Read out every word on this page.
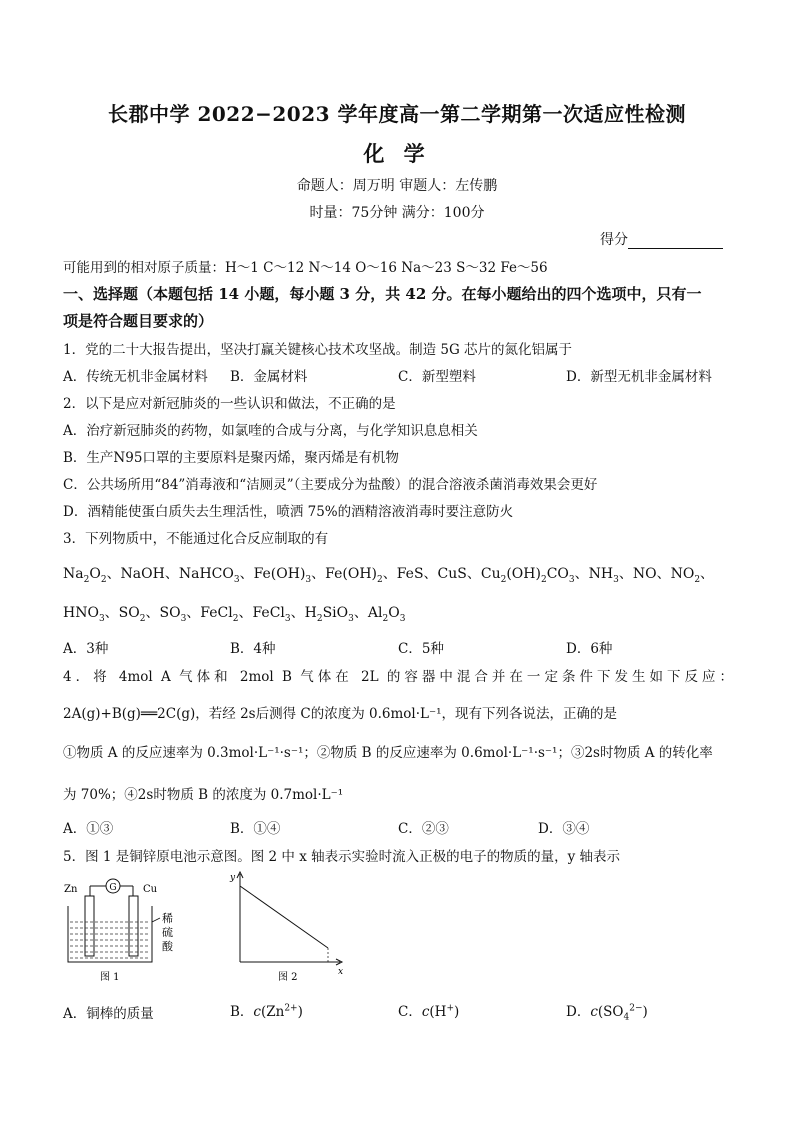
长郡中学 2022−2023 学年度高一第二学期第一次适应性检测
化 学
命题人：周万明 审题人：左传鹏
时量：75分钟 满分：100分
得分
可能用到的相对原子质量：H～1 C～12 N～14 O～16 Na～23 S～32 Fe～56
一、选择题（本题包括 14 小题，每小题 3 分，共 42 分。在每小题给出的四个选项中，只有一
项是符合题目要求的）
1．党的二十大报告提出，坚决打赢关键核心技术攻坚战。制造 5G 芯片的氮化铝属于
A．传统无机非金属材料 B．金属材料	C．新型塑料	D．新型无机非金属材料
2．以下是应对新冠肺炎的一些认识和做法，不正确的是
A．治疗新冠肺炎的药物，如氯喹的合成与分离，与化学知识息息相关
B．生产N95口罩的主要原料是聚丙烯，聚丙烯是有机物
C．公共场所用“84”消毒液和“洁厕灵”（主要成分为盐酸）的混合溶液杀菌消毒效果会更好
D．酒精能使蛋白质失去生理活性，喷洒 75%的酒精溶液消毒时要注意防火
3．下列物质中，不能通过化合反应制取的有
$Na_2O_2$、NaOH、NaHCO$_3$、$Fe(OH)_3$、$Fe(OH)_2$、FeS、CuS、$Cu_2(OH)_2CO_3$、$NH_3$、NO、$NO_2$、
$HNO_3$、$SO_2$、$SO_3$、FeCl$_2$、FeCl$_3$、$H_2SiO_3$、$Al_2O_3$
A．3种	B．4种	C．5种	D．6种
4．将 4mol A 气体和 2mol B 气体在 2L 的容器中混合并在一定条件下发生如下反应：
2A(g)+B(g)══2C(g)，若经 2s后测得 C的浓度为 0.6mol·L⁻¹，现有下列各说法，正确的是
①物质 A 的反应速率为 0.3mol·L⁻¹·s⁻¹；②物质 B 的反应速率为 0.6mol·L⁻¹·s⁻¹；③2s时物质 A 的转化率
为 70%；④2s时物质 B 的浓度为 0.7mol·L⁻¹
A．①③	B．①④	C．②③	D．③④
5．图 1 是铜锌原电池示意图。图 2 中 x 轴表示实验时流入正极的电子的物质的量，y 轴表示
G
Zn	Cu
稀
硫
酸
图 1
y
x
图 2
A．铜棒的质量	B．$c(Zn^{2+})$	C．c(H+)	D．$c(SO_4^{2-})$
